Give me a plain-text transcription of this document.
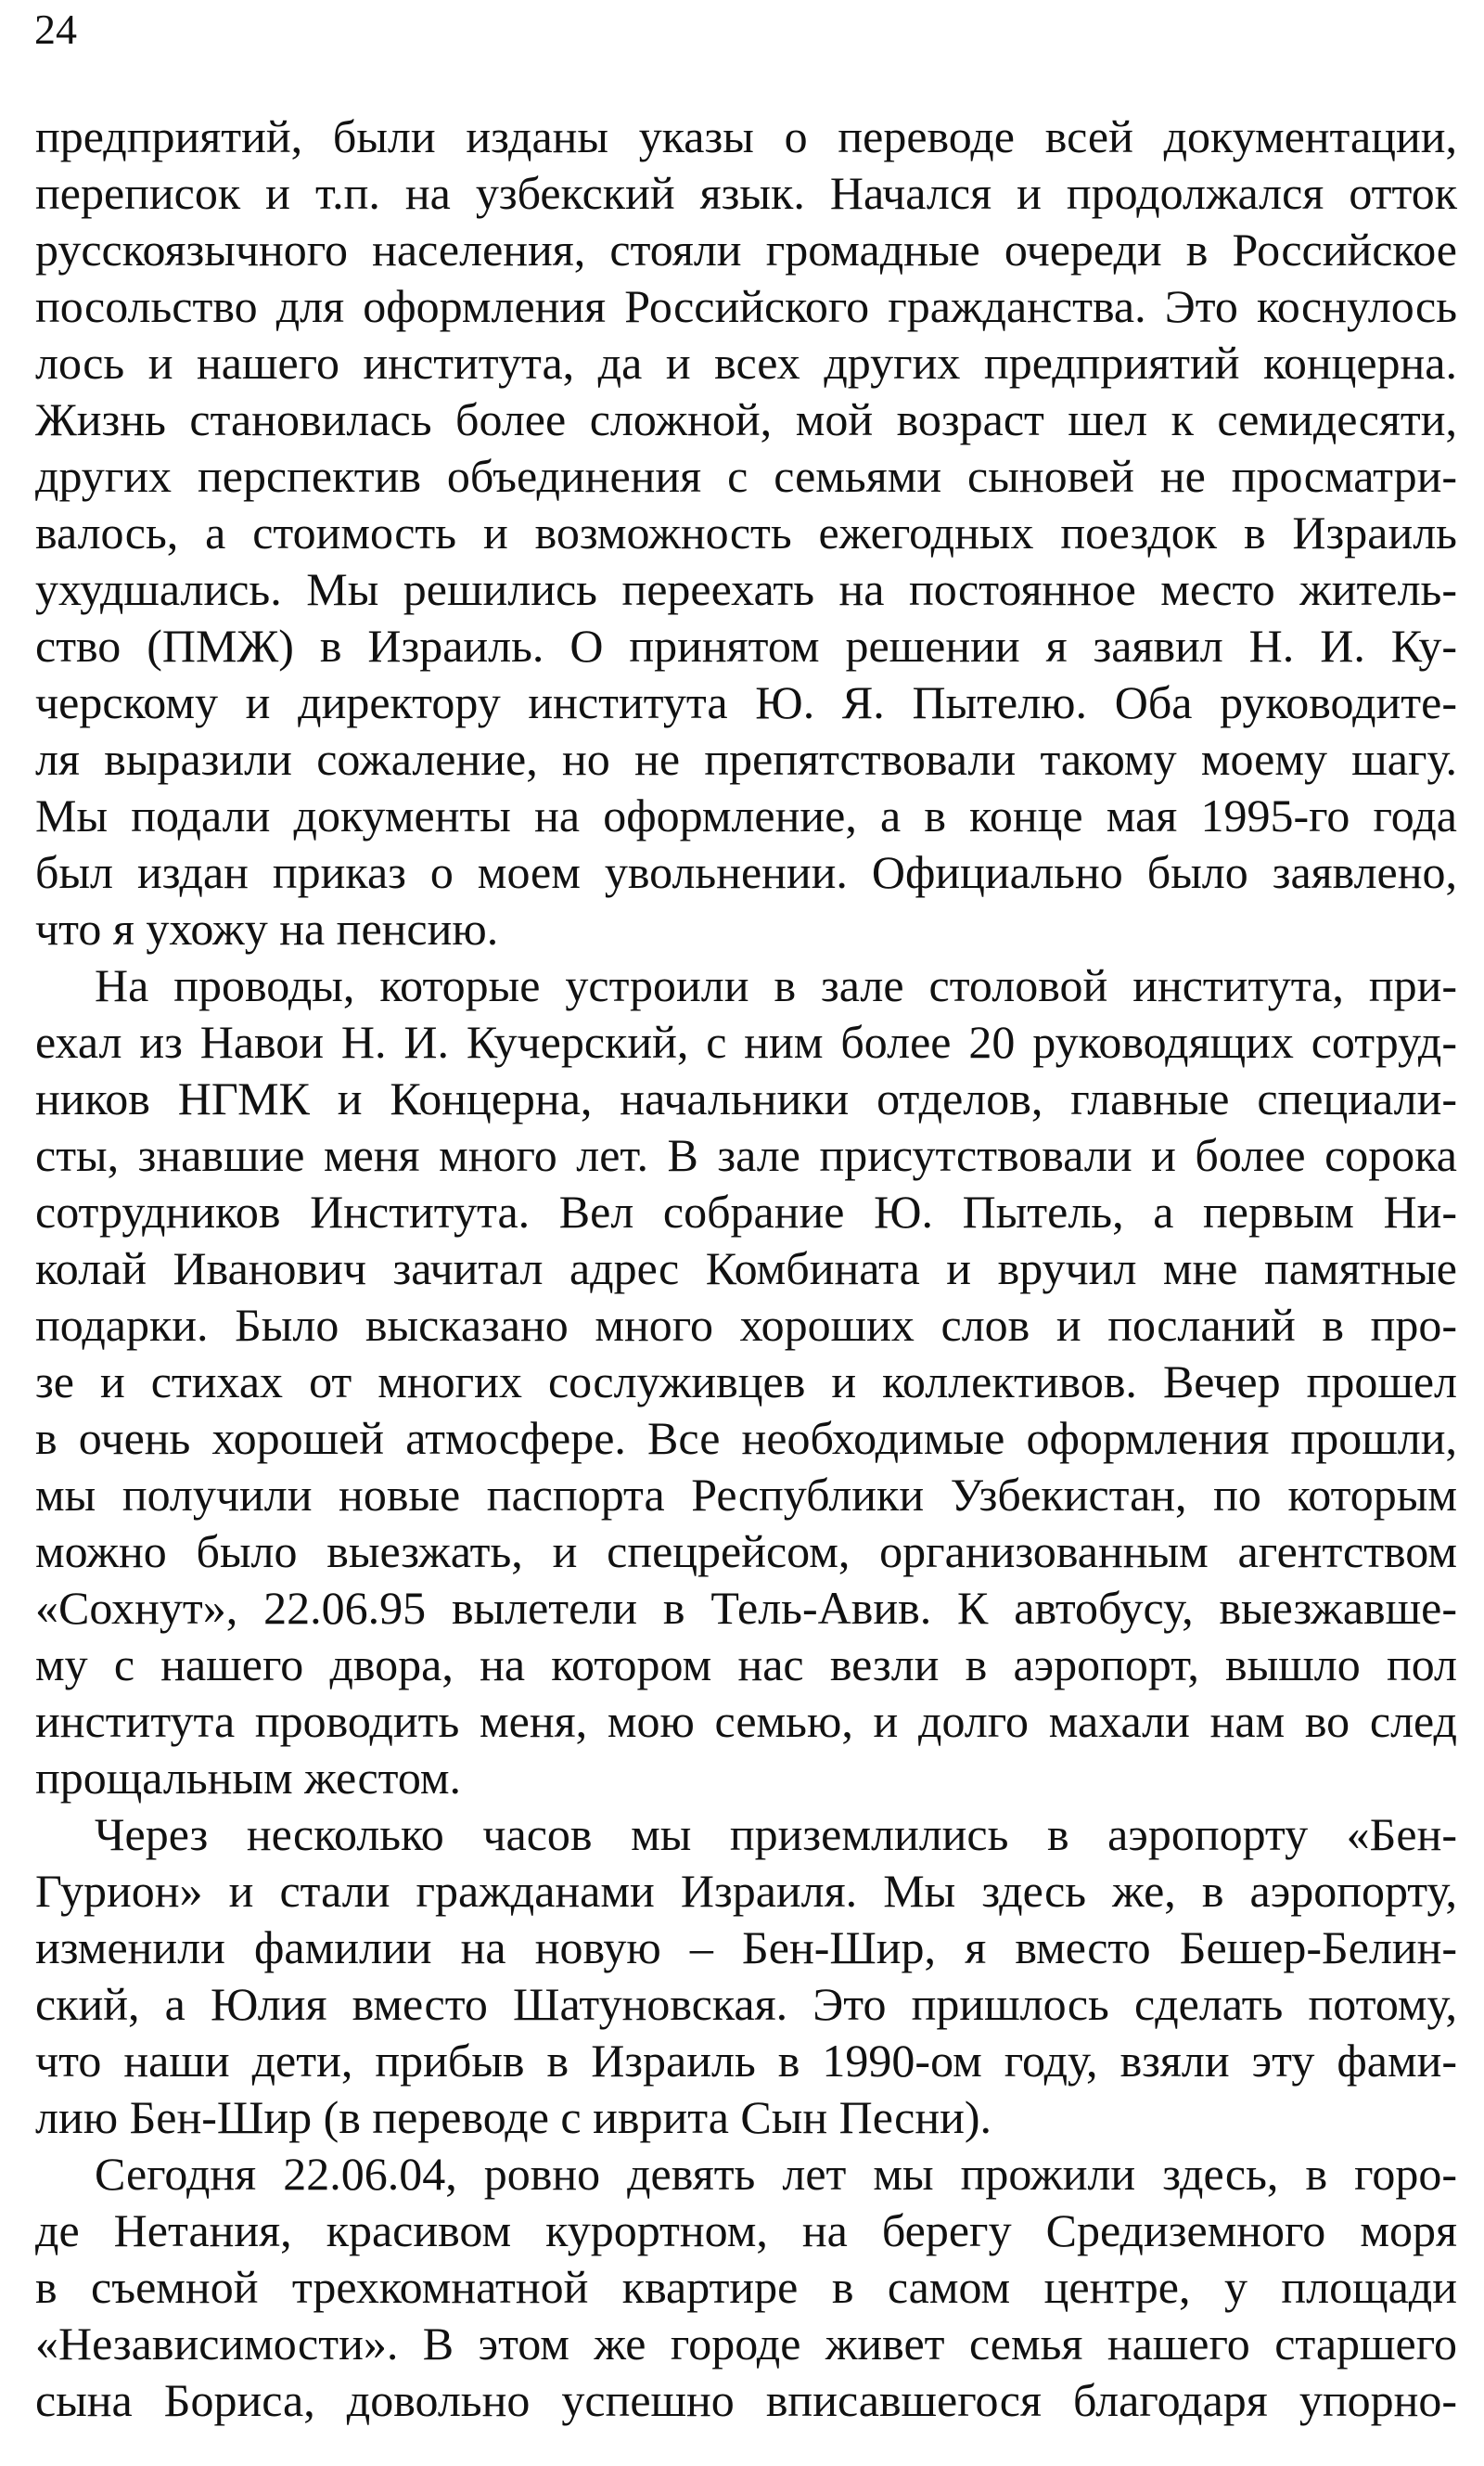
24
предприятий, были изданы указы о переводе всей документации,
переписок и т.п. на узбекский язык. Начался и продолжался отток
русскоязычного населения, стояли громадные очереди в Российское
посольство для оформления Российского гражданства. Это коснулось
лось и нашего института, да и всех других предприятий концерна.
Жизнь становилась более сложной, мой возраст шел к семидесяти,
других перспектив объединения с семьями сыновей не просматри-
валось, а стоимость и возможность ежегодных поездок в Израиль
ухудшались. Мы решились переехать на постоянное место житель-
ство (ПМЖ) в Израиль. О принятом решении я заявил Н. И. Ку-
черскому и директору института Ю. Я. Пытелю. Оба руководите-
ля выразили сожаление, но не препятствовали такому моему шагу.
Мы подали документы на оформление, а в конце мая 1995-го года
был издан приказ о моем увольнении. Официально было заявлено,
что я ухожу на пенсию.
На проводы, которые устроили в зале столовой института, при-
ехал из Навои Н. И. Кучерский, с ним более 20 руководящих сотруд-
ников НГМК и Концерна, начальники отделов, главные специали-
сты, знавшие меня много лет. В зале присутствовали и более сорока
сотрудников Института. Вел собрание Ю. Пытель, а первым Ни-
колай Иванович зачитал адрес Комбината и вручил мне памятные
подарки. Было высказано много хороших слов и посланий в про-
зе и стихах от многих сослуживцев и коллективов. Вечер прошел
в очень хорошей атмосфере. Все необходимые оформления прошли,
мы получили новые паспорта Республики Узбекистан, по которым
можно было выезжать, и спецрейсом, организованным агентством
«Сохнут», 22.06.95 вылетели в Тель-Авив. К автобусу, выезжавше-
му с нашего двора, на котором нас везли в аэропорт, вышло пол
института проводить меня, мою семью, и долго махали нам во след
прощальным жестом.
Через несколько часов мы приземлились в аэропорту «Бен-
Гурион» и стали гражданами Израиля. Мы здесь же, в аэропорту,
изменили фамилии на новую – Бен-Шир, я вместо Бешер-Белин-
ский, а Юлия вместо Шатуновская. Это пришлось сделать потому,
что наши дети, прибыв в Израиль в 1990-ом году, взяли эту фами-
лию Бен-Шир (в переводе с иврита Сын Песни).
Сегодня 22.06.04, ровно девять лет мы прожили здесь, в горо-
де Нетания, красивом курортном, на берегу Средиземного моря
в съемной трехкомнатной квартире в самом центре, у площади
«Независимости». В этом же городе живет семья нашего старшего
сына Бориса, довольно успешно вписавшегося благодаря упорно-
